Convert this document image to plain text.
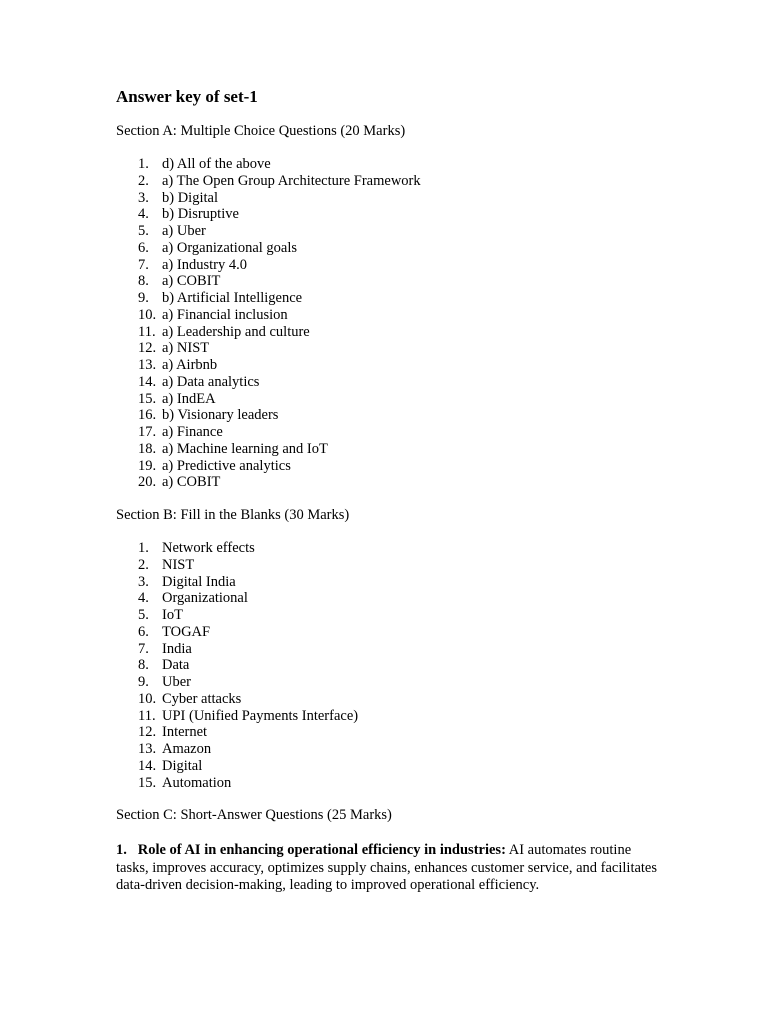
Answer key of set-1

Section A: Multiple Choice Questions (20 Marks)

1. d) All of the above
2. a) The Open Group Architecture Framework
3. b) Digital
4. b) Disruptive
5. a) Uber
6. a) Organizational goals
7. a) Industry 4.0
8. a) COBIT
9. b) Artificial Intelligence
10. a) Financial inclusion
11. a) Leadership and culture
12. a) NIST
13. a) Airbnb
14. a) Data analytics
15. a) IndEA
16. b) Visionary leaders
17. a) Finance
18. a) Machine learning and IoT
19. a) Predictive analytics
20. a) COBIT

Section B: Fill in the Blanks (30 Marks)

1. Network effects
2. NIST
3. Digital India
4. Organizational
5. IoT
6. TOGAF
7. India
8. Data
9. Uber
10. Cyber attacks
11. UPI (Unified Payments Interface)
12. Internet
13. Amazon
14. Digital
15. Automation

Section C: Short-Answer Questions (25 Marks)

1. Role of AI in enhancing operational efficiency in industries: AI automates routine tasks, improves accuracy, optimizes supply chains, enhances customer service, and facilitates data-driven decision-making, leading to improved operational efficiency.
